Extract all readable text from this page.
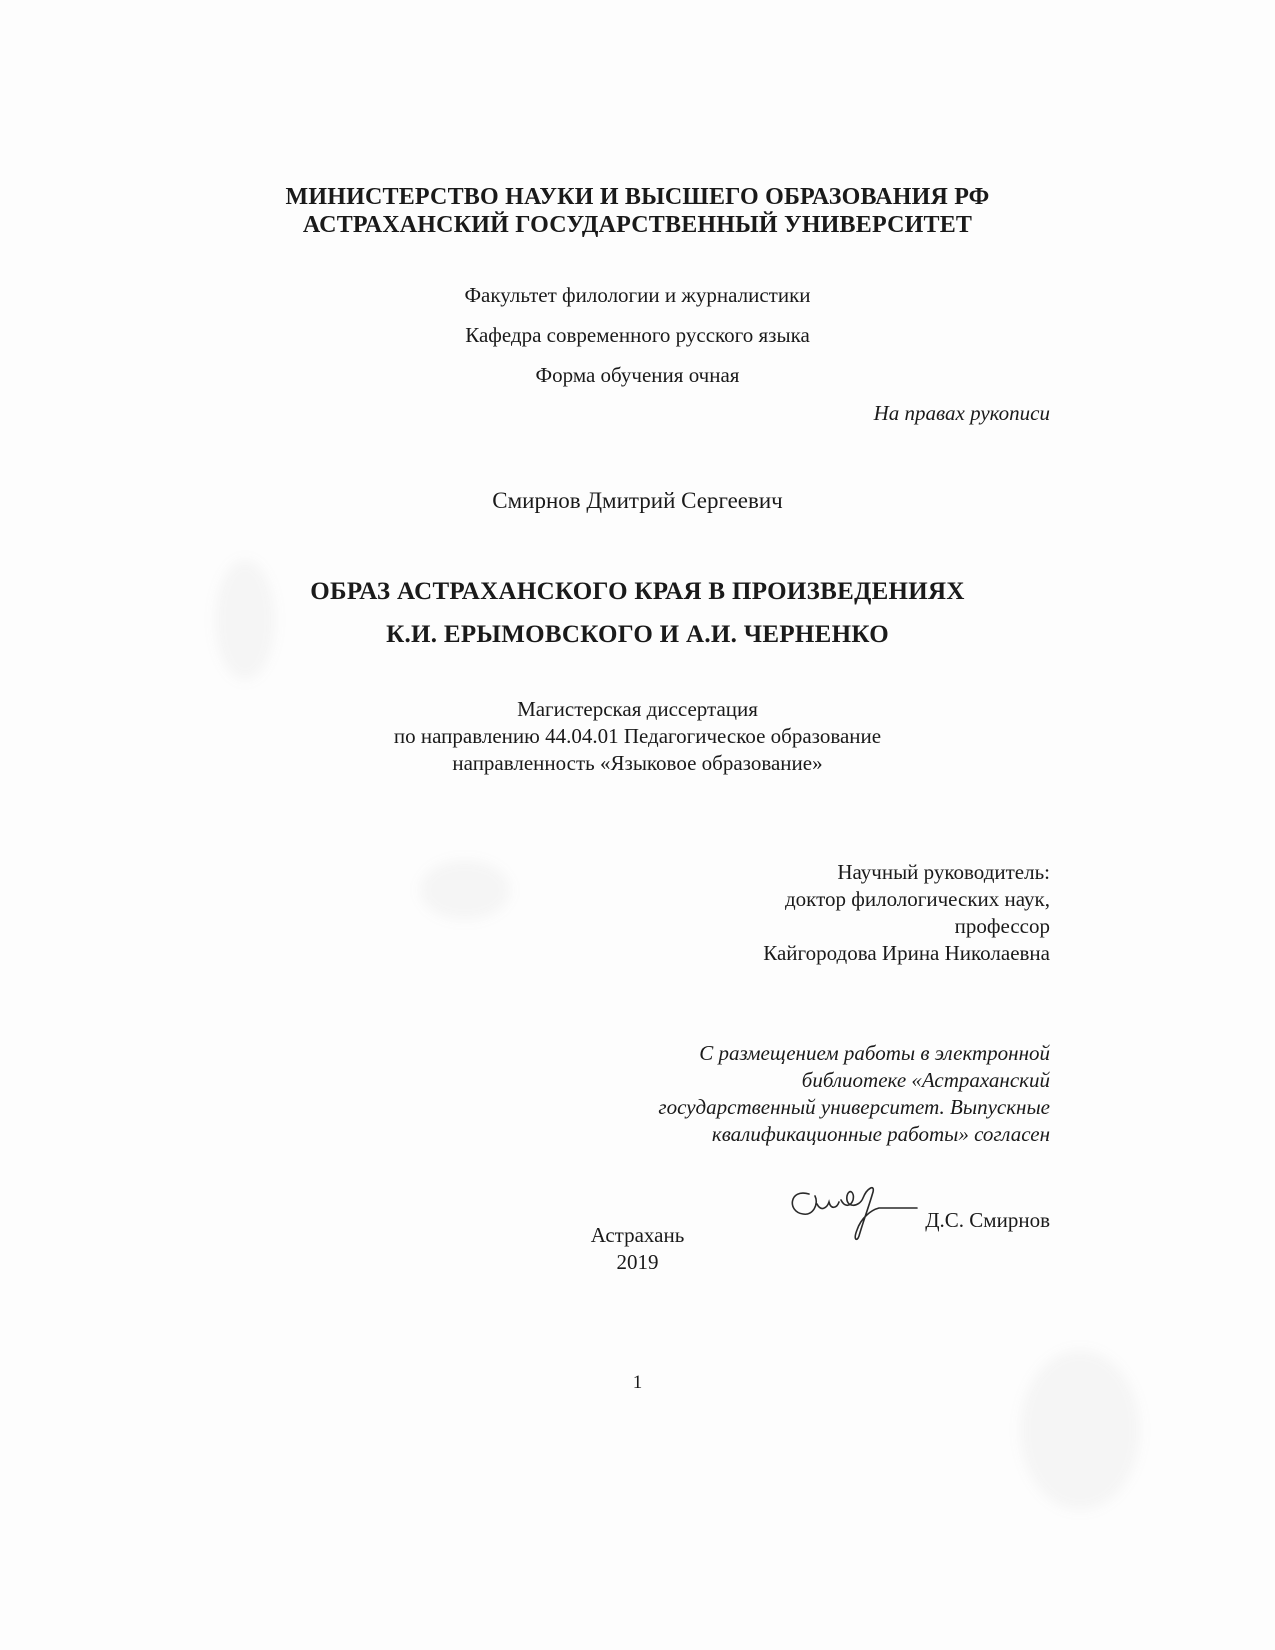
МИНИСТЕРСТВО НАУКИ И ВЫСШЕГО ОБРАЗОВАНИЯ РФ
АСТРАХАНСКИЙ ГОСУДАРСТВЕННЫЙ УНИВЕРСИТЕТ
Факультет филологии и журналистики
Кафедра современного русского языка
Форма обучения очная
На правах рукописи
Смирнов Дмитрий Сергеевич
ОБРАЗ АСТРАХАНСКОГО КРАЯ В ПРОИЗВЕДЕНИЯХ
К.И. ЕРЫМОВСКОГО И А.И. ЧЕРНЕНКО
Магистерская диссертация
по направлению 44.04.01 Педагогическое образование
направленность «Языковое образование»
Научный руководитель:
доктор филологических наук,
профессор
Кайгородова Ирина Николаевна
С размещением работы в электронной
библиотеке «Астраханский
государственный университет. Выпускные
квалификационные работы» согласен
Д.С. Смирнов
Астрахань
2019
1
